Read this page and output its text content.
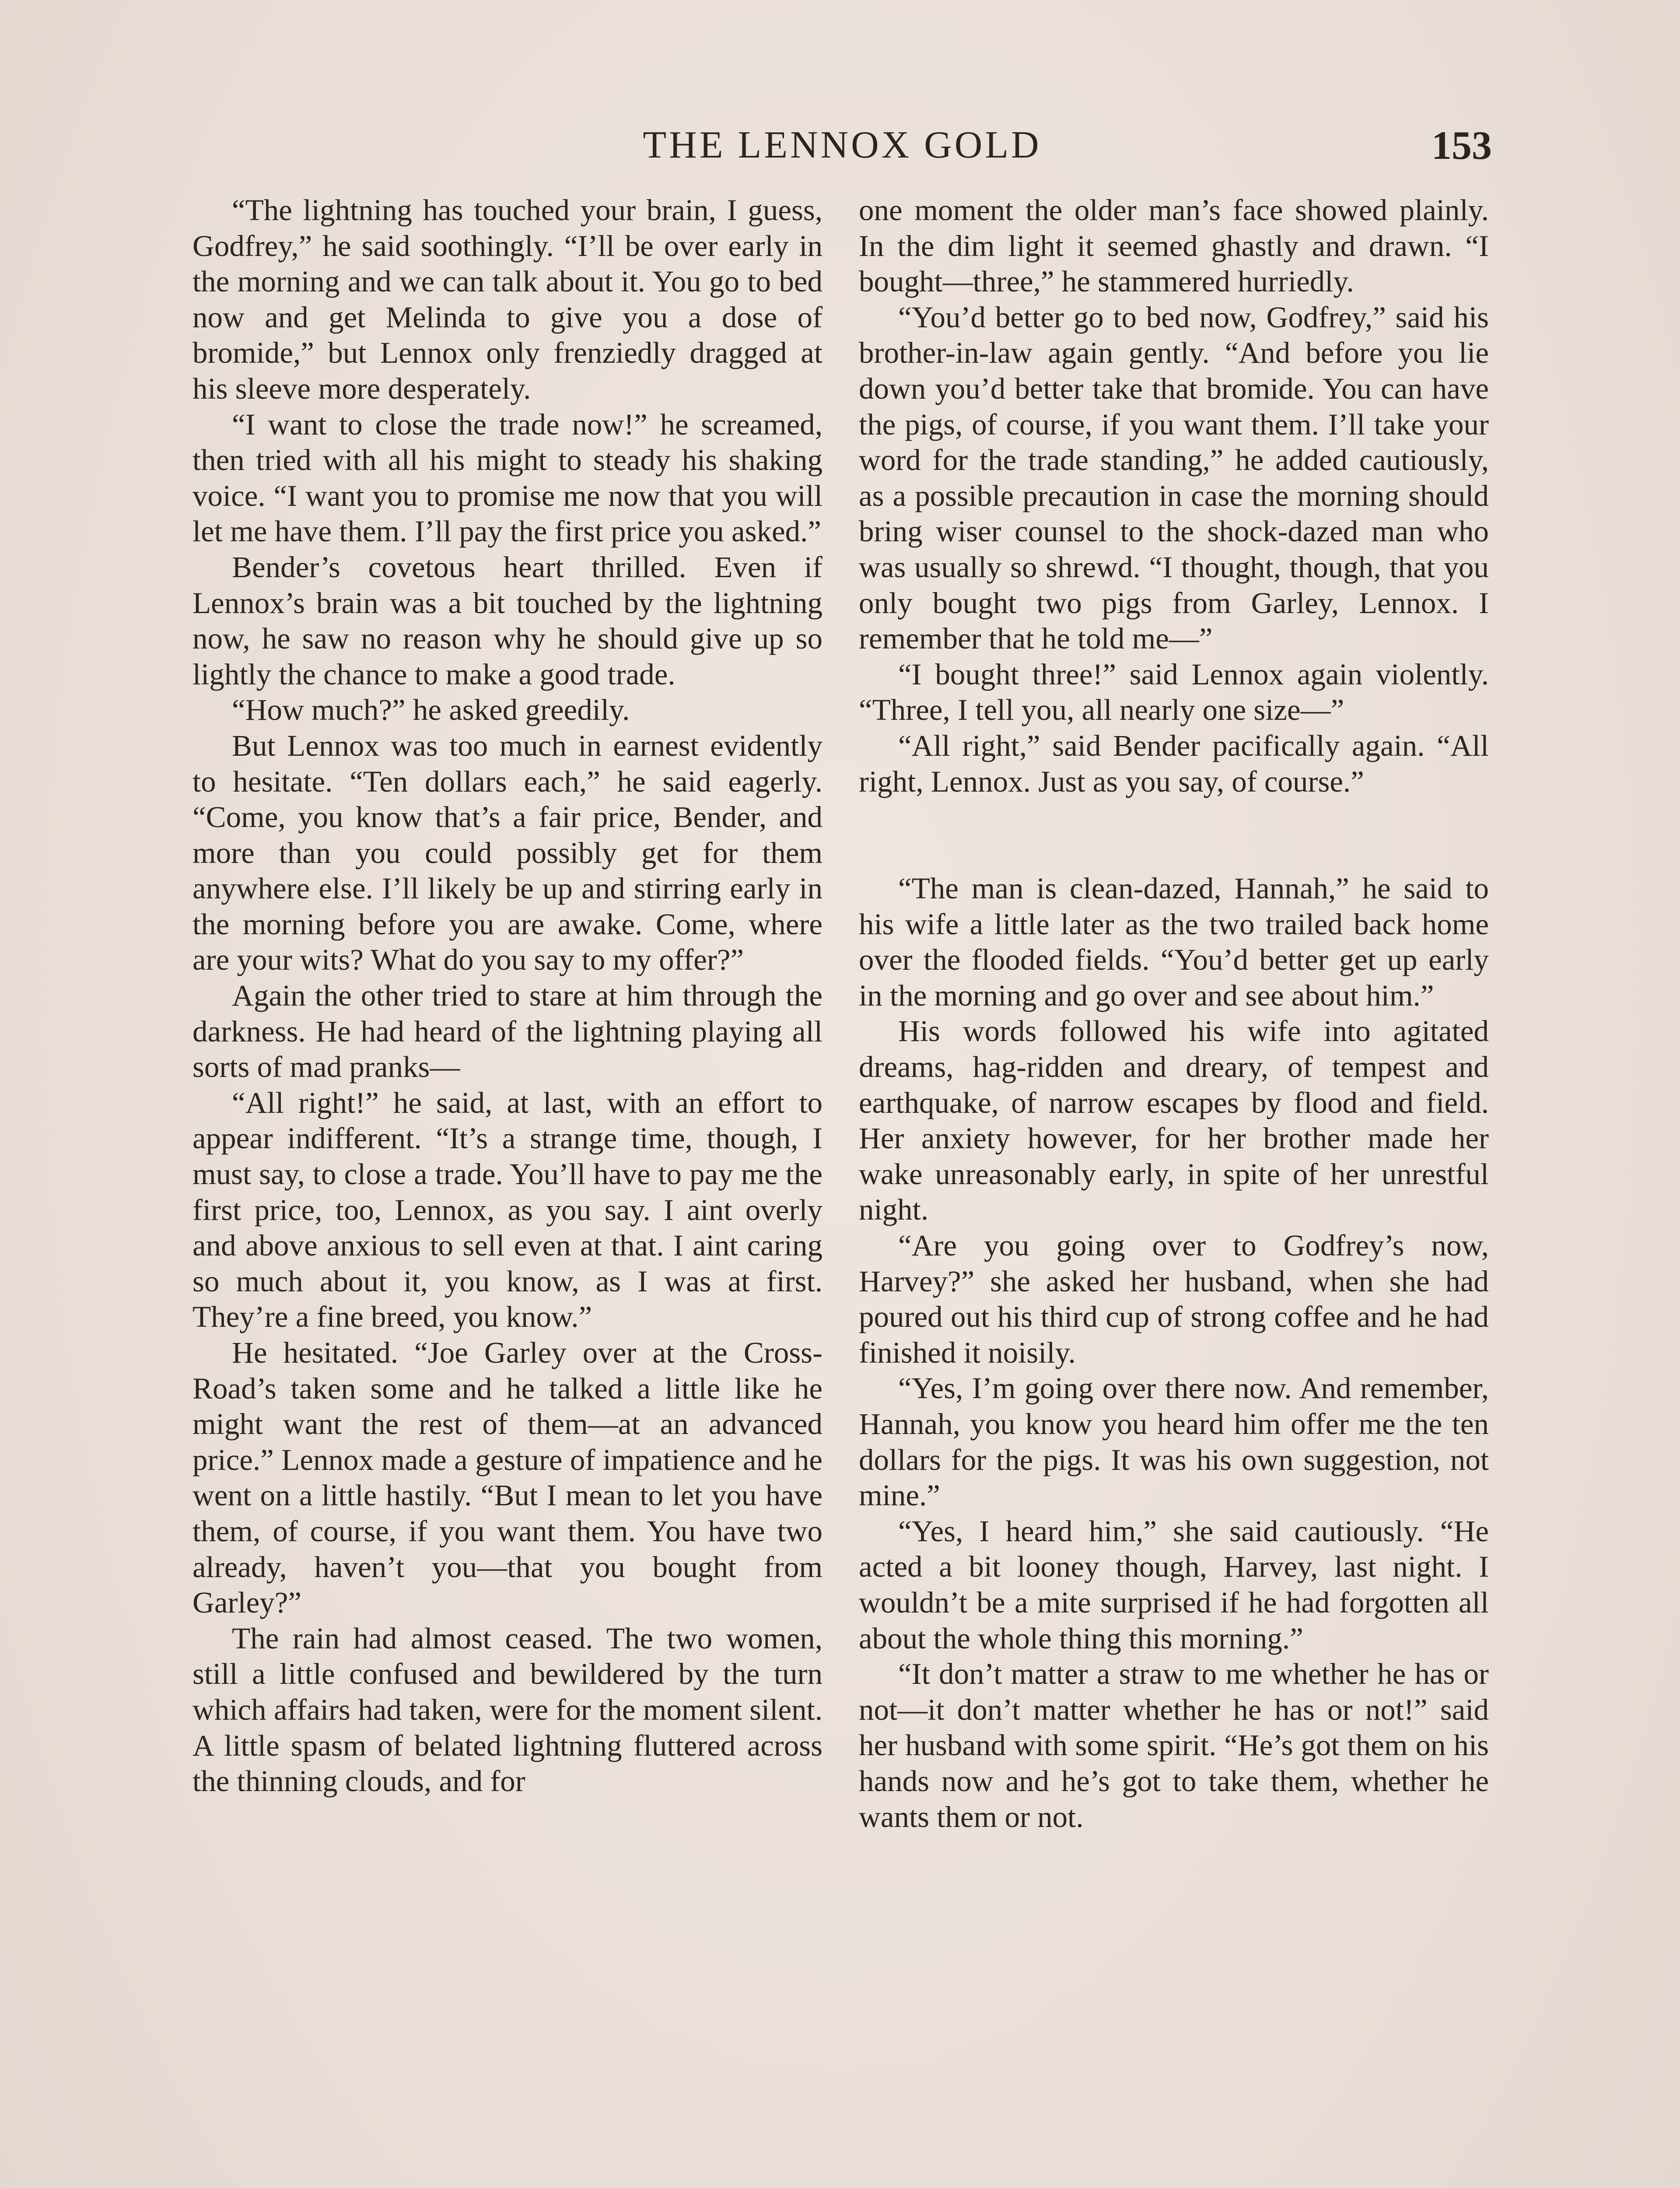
THE LENNOX GOLD	153

“The lightning has touched your brain, I guess, Godfrey,” he said soothingly. “I’ll be over early in the morning and we can talk about it. You go to bed now and get Melinda to give you a dose of bromide,” but Lennox only frenziedly dragged at his sleeve more desperately.

“I want to close the trade now!” he screamed, then tried with all his might to steady his shaking voice. “I want you to promise me now that you will let me have them. I’ll pay the first price you asked.”

Bender’s covetous heart thrilled. Even if Lennox’s brain was a bit touched by the lightning now, he saw no reason why he should give up so lightly the chance to make a good trade.

“How much?” he asked greedily.

But Lennox was too much in earnest evidently to hesitate. “Ten dollars each,” he said eagerly. “Come, you know that’s a fair price, Bender, and more than you could possibly get for them anywhere else. I’ll likely be up and stirring early in the morning before you are awake. Come, where are your wits? What do you say to my offer?”

Again the other tried to stare at him through the darkness. He had heard of the lightning playing all sorts of mad pranks—

“All right!” he said, at last, with an effort to appear indifferent. “It’s a strange time, though, I must say, to close a trade. You’ll have to pay me the first price, too, Lennox, as you say. I aint overly and above anxious to sell even at that. I aint caring so much about it, you know, as I was at first. They’re a fine breed, you know.”

He hesitated. “Joe Garley over at the Cross-Road’s taken some and he talked a little like he might want the rest of them—at an advanced price.” Lennox made a gesture of impatience and he went on a little hastily. “But I mean to let you have them, of course, if you want them. You have two already, haven’t you—that you bought from Garley?”

The rain had almost ceased. The two women, still a little confused and bewildered by the turn which affairs had taken, were for the moment silent. A little spasm of belated lightning fluttered across the thinning clouds, and for

one moment the older man’s face showed plainly. In the dim light it seemed ghastly and drawn. “I bought—three,” he stammered hurriedly.

“You’d better go to bed now, Godfrey,” said his brother-in-law again gently. “And before you lie down you’d better take that bromide. You can have the pigs, of course, if you want them. I’ll take your word for the trade standing,” he added cautiously, as a possible precaution in case the morning should bring wiser counsel to the shock-dazed man who was usually so shrewd. “I thought, though, that you only bought two pigs from Garley, Lennox. I remember that he told me—”

“I bought three!” said Lennox again violently. “Three, I tell you, all nearly one size—”

“All right,” said Bender pacifically again. “All right, Lennox. Just as you say, of course.”

“The man is clean-dazed, Hannah,” he said to his wife a little later as the two trailed back home over the flooded fields. “You’d better get up early in the morning and go over and see about him.”

His words followed his wife into agitated dreams, hag-ridden and dreary, of tempest and earthquake, of narrow escapes by flood and field. Her anxiety however, for her brother made her wake unreasonably early, in spite of her unrestful night.

“Are you going over to Godfrey’s now, Harvey?” she asked her husband, when she had poured out his third cup of strong coffee and he had finished it noisily.

“Yes, I’m going over there now. And remember, Hannah, you know you heard him offer me the ten dollars for the pigs. It was his own suggestion, not mine.”

“Yes, I heard him,” she said cautiously. “He acted a bit looney though, Harvey, last night. I wouldn’t be a mite surprised if he had forgotten all about the whole thing this morning.”

“It don’t matter a straw to me whether he has or not—it don’t matter whether he has or not!” said her husband with some spirit. “He’s got them on his hands now and he’s got to take them, whether he wants them or not.
